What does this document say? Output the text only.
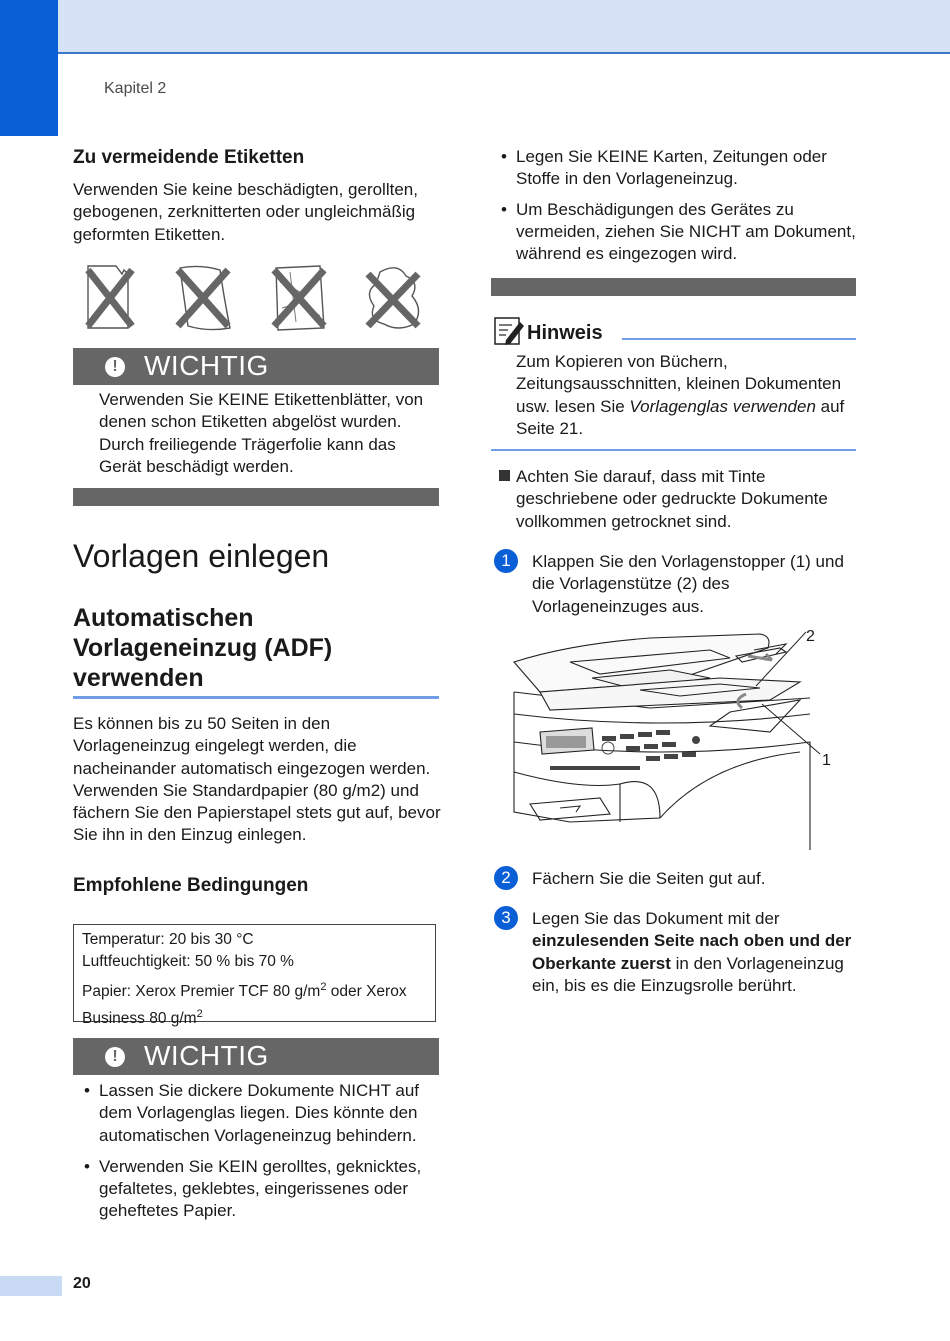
Kapitel 2
Zu vermeidende Etiketten
Verwenden Sie keine beschädigten, gerollten, gebogenen, zerknitterten oder ungleichmäßig geformten Etiketten.
! WICHTIG
Verwenden Sie KEINE Etikettenblätter, von denen schon Etiketten abgelöst wurden. Durch freiliegende Trägerfolie kann das Gerät beschädigt werden.
Vorlagen einlegen
Automatischen Vorlageneinzug (ADF) verwenden
Es können bis zu 50 Seiten in den Vorlageneinzug eingelegt werden, die nacheinander automatisch eingezogen werden. Verwenden Sie Standardpapier (80 g/m2) und fächern Sie den Papierstapel stets gut auf, bevor Sie ihn in den Einzug einlegen.
Empfohlene Bedingungen
Temperatur: 20 bis 30 °C
Luftfeuchtigkeit: 50 % bis 70 %
Papier: Xerox Premier TCF 80 $g/m^2$ oder Xerox
Business 80 $g/m^2$
! WICHTIG
• Lassen Sie dickere Dokumente NICHT auf dem Vorlagenglas liegen. Dies könnte den automatischen Vorlageneinzug behindern.
• Verwenden Sie KEIN gerolltes, geknicktes, gefaltetes, geklebtes, eingerissenes oder geheftetes Papier.
• Legen Sie KEINE Karten, Zeitungen oder Stoffe in den Vorlageneinzug.
• Um Beschädigungen des Gerätes zu vermeiden, ziehen Sie NICHT am Dokument, während es eingezogen wird.
Hinweis
Zum Kopieren von Büchern, Zeitungsausschnitten, kleinen Dokumenten usw. lesen Sie Vorlagenglas verwenden auf Seite 21.
Achten Sie darauf, dass mit Tinte geschriebene oder gedruckte Dokumente vollkommen getrocknet sind.
1	Klappen Sie den Vorlagenstopper (1) und die Vorlagenstütze (2) des Vorlageneinzuges aus.
2
1
2	Fächern Sie die Seiten gut auf.
3	Legen Sie das Dokument mit der einzulesenden Seite nach oben und der Oberkante zuerst in den Vorlageneinzug ein, bis es die Einzugsrolle berührt.
20
